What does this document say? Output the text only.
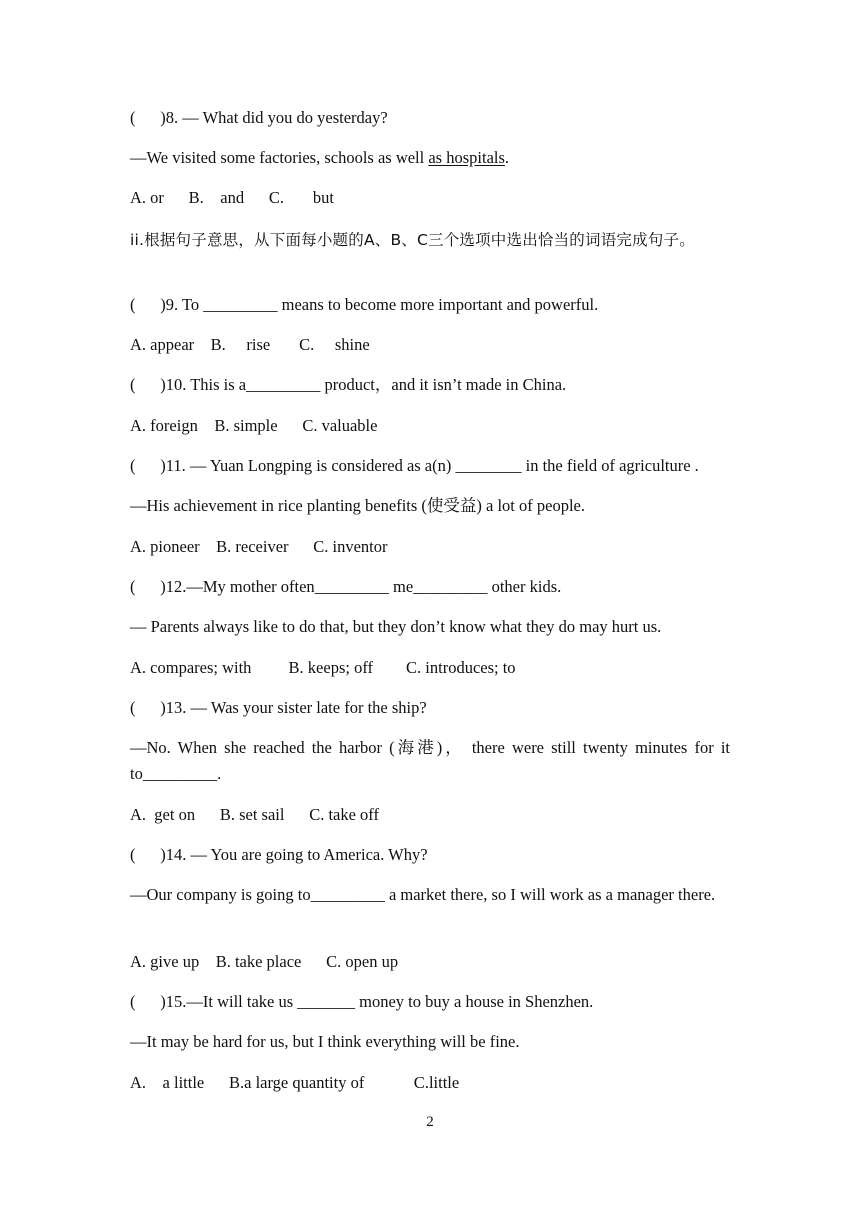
(      )8. — What did you do yesterday?
—We visited some factories, schools as well as hospitals.
A. or      B.    and      C.       but
ii.根据句子意思，从下面每小题的A、B、C三个选项中选出恰当的词语完成句子。
(      )9. To _________ means to become more important and powerful.
A. appear    B.     rise       C.     shine
(      )10. This is a_________ product，and it isn’t made in China.
A. foreign    B. simple      C. valuable
(      )11. — Yuan Longping is considered as a(n) ________ in the field of agriculture .
—His achievement in rice planting benefits (使受益) a lot of people.
A. pioneer    B. receiver      C. inventor
(      )12.—My mother often_________ me_________ other kids.
— Parents always like to do that, but they don’t know what they do may hurt us.
A. compares; with         B. keeps; off        C. introduces; to
(      )13. — Was your sister late for the ship?
—No. When she reached the harbor (海港)， there were still twenty minutes for it to_________.
A.  get on      B. set sail      C. take off
(      )14. — You are going to America. Why?
—Our company is going to_________ a market there, so I will work as a manager there.
A. give up    B. take place      C. open up
(      )15.—It will take us _______ money to buy a house in Shenzhen.
—It may be hard for us, but I think everything will be fine.
A.    a little      B.a large quantity of            C.little
2
